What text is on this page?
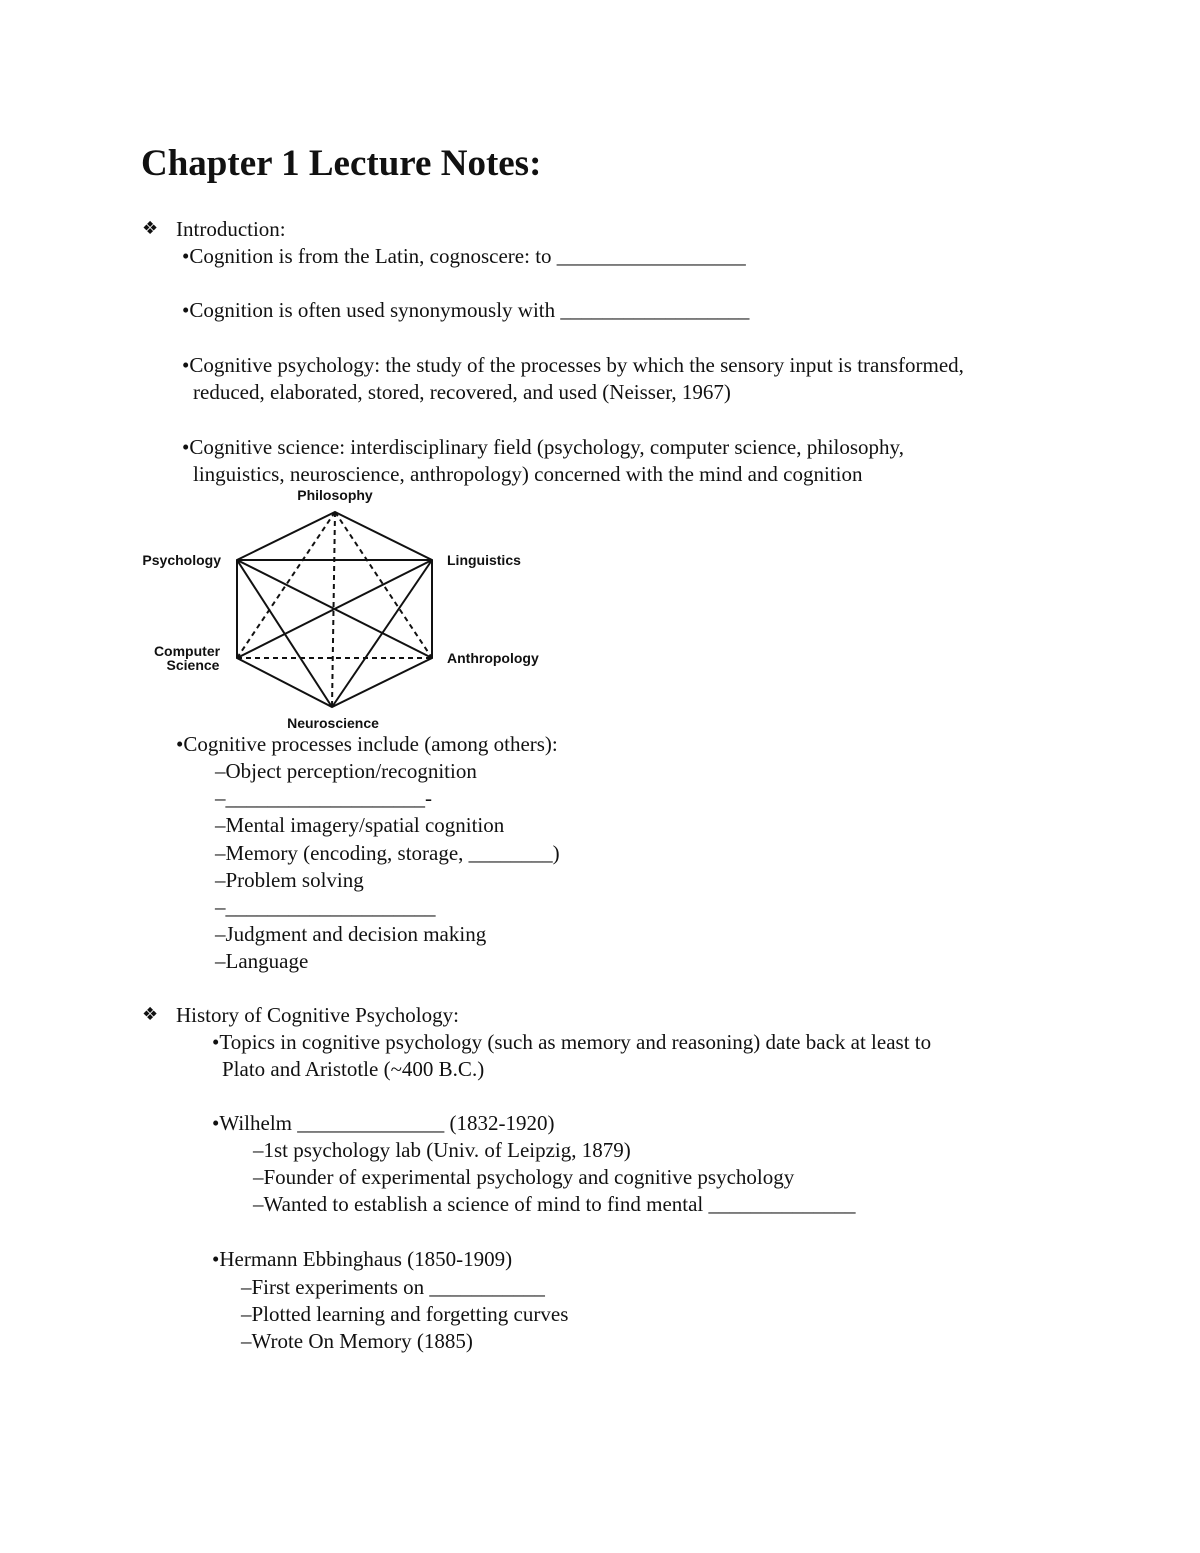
Chapter 1 Lecture Notes:
❖ Introduction:
•Cognition is from the Latin, cognoscere: to __________________
•Cognition is often used synonymously with __________________
•Cognitive psychology: the study of the processes by which the sensory input is transformed,
reduced, elaborated, stored, recovered, and used (Neisser, 1967)
•Cognitive science: interdisciplinary field (psychology, computer science, philosophy,
linguistics, neuroscience, anthropology) concerned with the mind and cognition
Philosophy
Psychology	Linguistics
Computer
Science	Anthropology
Neuroscience
•Cognitive processes include (among others):
–Object perception/recognition
–___________________-
–Mental imagery/spatial cognition
–Memory (encoding, storage, ________)
–Problem solving
–____________________
–Judgment and decision making
–Language
❖ History of Cognitive Psychology:
•Topics in cognitive psychology (such as memory and reasoning) date back at least to
Plato and Aristotle (~400 B.C.)
•Wilhelm ______________ (1832-1920)
–1st psychology lab (Univ. of Leipzig, 1879)
–Founder of experimental psychology and cognitive psychology
–Wanted to establish a science of mind to find mental ______________
•Hermann Ebbinghaus (1850-1909)
–First experiments on ___________
–Plotted learning and forgetting curves
–Wrote On Memory (1885)
